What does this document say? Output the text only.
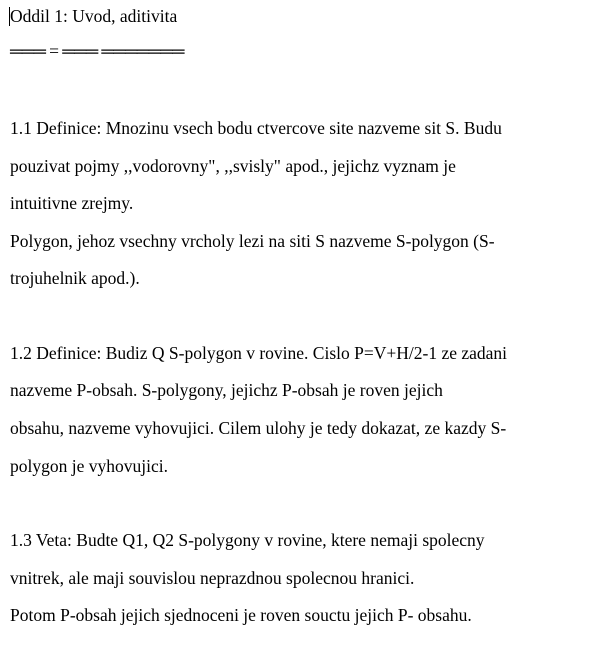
Oddil 1: Uvod, aditivita
═══ = ═══ ═══════
1.1 Definice: Mnozinu vsech bodu ctvercove site nazveme sit S. Budu
pouzivat pojmy ,,vodorovny", ,,svisly" apod., jejichz vyznam je
intuitivne zrejmy.
Polygon, jehoz vsechny vrcholy lezi na siti S nazveme S-polygon (S-
trojuhelnik apod.).
1.2 Definice: Budiz Q S-polygon v rovine. Cislo P=V+H/2-1 ze zadani
nazveme P-obsah. S-polygony, jejichz P-obsah je roven jejich
obsahu, nazveme vyhovujici. Cilem ulohy je tedy dokazat, ze kazdy S-
polygon je vyhovujici.
1.3 Veta: Budte Q1, Q2 S-polygony v rovine, ktere nemaji spolecny
vnitrek, ale maji souvislou neprazdnou spolecnou hranici.
Potom P-obsah jejich sjednoceni je roven souctu jejich P- obsahu.
